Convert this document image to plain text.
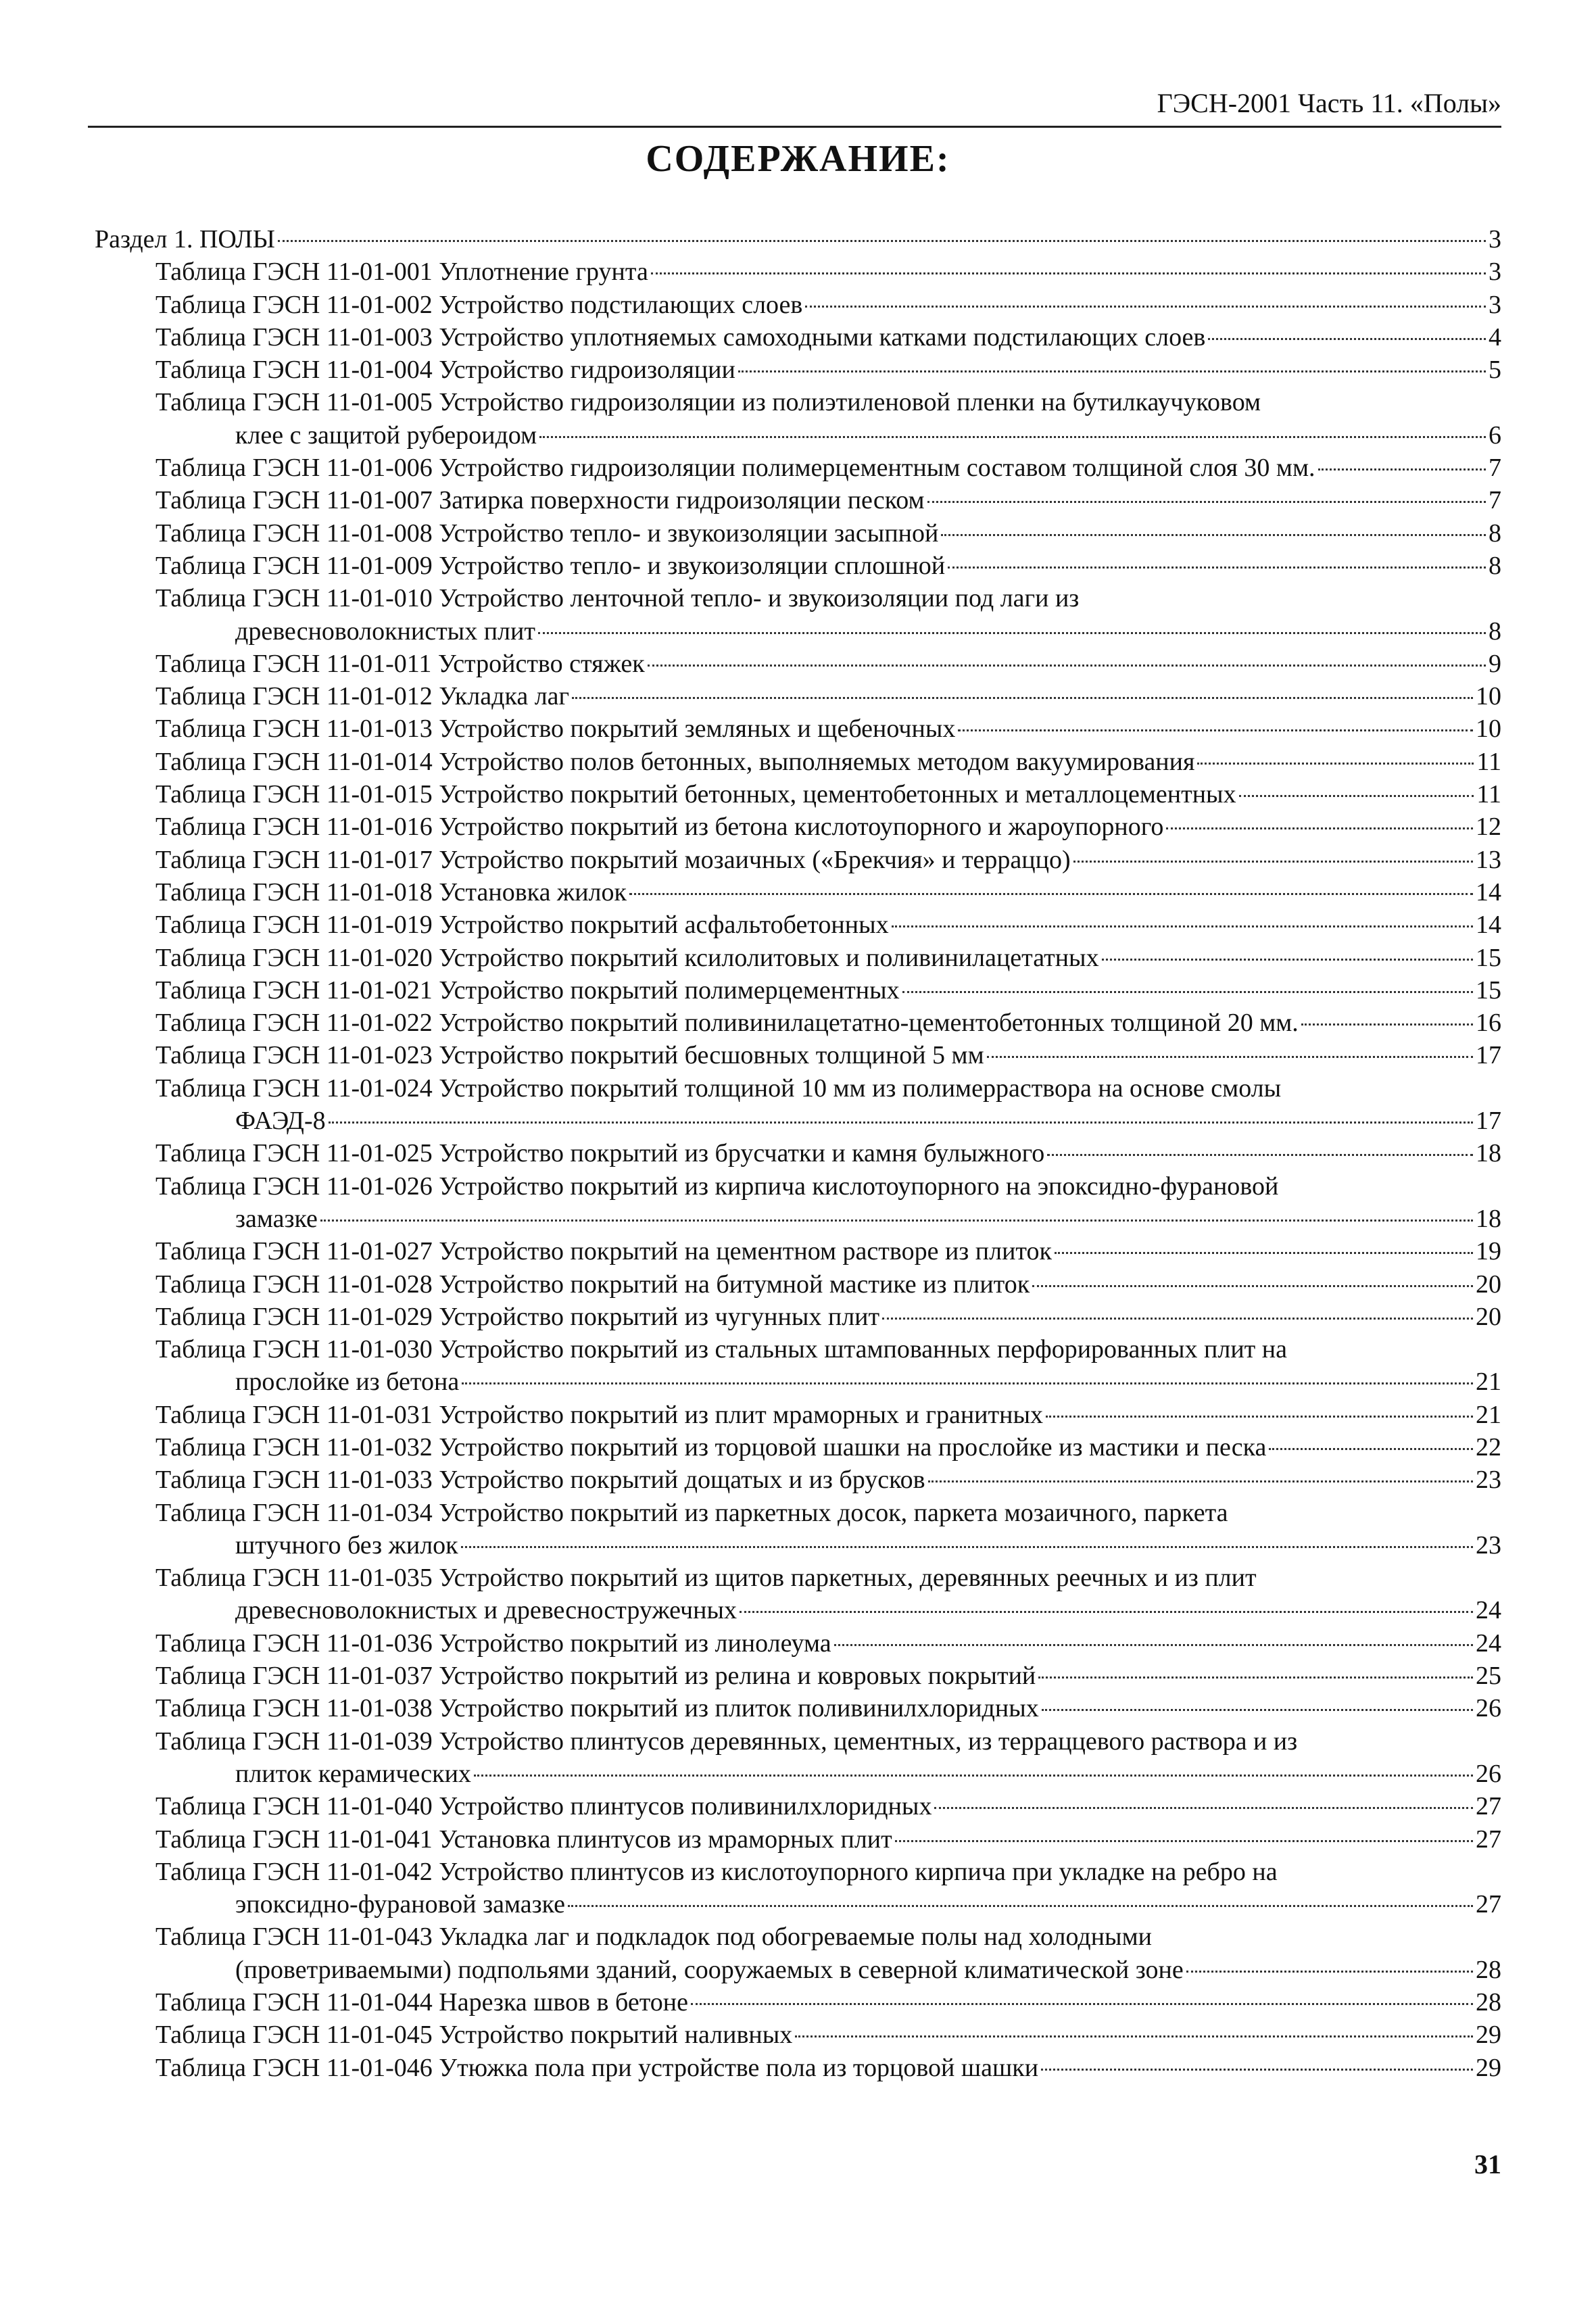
ГЭСН-2001 Часть 11. «Полы»
СОДЕРЖАНИЕ:
Раздел 1. ПОЛЫ	3
Таблица ГЭСН 11-01-001 Уплотнение грунта	3
Таблица ГЭСН 11-01-002 Устройство подстилающих слоев	3
Таблица ГЭСН 11-01-003 Устройство уплотняемых самоходными катками подстилающих слоев	4
Таблица ГЭСН 11-01-004 Устройство гидроизоляции	5
Таблица ГЭСН 11-01-005 Устройство гидроизоляции из полиэтиленовой пленки на бутилкаучуковом
клее с защитой рубероидом	6
Таблица ГЭСН 11-01-006 Устройство гидроизоляции полимерцементным составом толщиной слоя 30 мм.	7
Таблица ГЭСН 11-01-007 Затирка поверхности гидроизоляции песком	7
Таблица ГЭСН 11-01-008 Устройство тепло- и звукоизоляции засыпной	8
Таблица ГЭСН 11-01-009 Устройство тепло- и звукоизоляции сплошной	8
Таблица ГЭСН 11-01-010 Устройство ленточной тепло- и звукоизоляции под лаги из
древесноволокнистых плит	8
Таблица ГЭСН 11-01-011 Устройство стяжек	9
Таблица ГЭСН 11-01-012 Укладка лаг	10
Таблица ГЭСН 11-01-013 Устройство покрытий земляных и щебеночных	10
Таблица ГЭСН 11-01-014 Устройство полов бетонных, выполняемых методом вакуумирования	11
Таблица ГЭСН 11-01-015 Устройство покрытий бетонных, цементобетонных и металлоцементных	11
Таблица ГЭСН 11-01-016 Устройство покрытий из бетона кислотоупорного и жароупорного	12
Таблица ГЭСН 11-01-017 Устройство покрытий мозаичных («Брекчия» и терраццо)	13
Таблица ГЭСН 11-01-018 Установка жилок	14
Таблица ГЭСН 11-01-019 Устройство покрытий асфальтобетонных	14
Таблица ГЭСН 11-01-020 Устройство покрытий ксилолитовых и поливинилацетатных	15
Таблица ГЭСН 11-01-021 Устройство покрытий полимерцементных	15
Таблица ГЭСН 11-01-022 Устройство покрытий поливинилацетатно-цементобетонных толщиной 20 мм.	16
Таблица ГЭСН 11-01-023 Устройство покрытий бесшовных толщиной 5 мм	17
Таблица ГЭСН 11-01-024 Устройство покрытий толщиной 10 мм из полимерраствора на основе смолы
ФАЭД-8	17
Таблица ГЭСН 11-01-025 Устройство покрытий из брусчатки и камня булыжного	18
Таблица ГЭСН 11-01-026 Устройство покрытий из кирпича кислотоупорного на эпоксидно-фурановой
замазке	18
Таблица ГЭСН 11-01-027 Устройство покрытий на цементном растворе из плиток	19
Таблица ГЭСН 11-01-028 Устройство покрытий на битумной мастике из плиток	20
Таблица ГЭСН 11-01-029 Устройство покрытий из чугунных плит	20
Таблица ГЭСН 11-01-030 Устройство покрытий из стальных штампованных перфорированных плит на
прослойке из бетона	21
Таблица ГЭСН 11-01-031 Устройство покрытий из плит мраморных и гранитных	21
Таблица ГЭСН 11-01-032 Устройство покрытий из торцовой шашки на прослойке из мастики и песка	22
Таблица ГЭСН 11-01-033 Устройство покрытий дощатых и из брусков	23
Таблица ГЭСН 11-01-034 Устройство покрытий из паркетных досок, паркета мозаичного, паркета
штучного без жилок	23
Таблица ГЭСН 11-01-035 Устройство покрытий из щитов паркетных, деревянных реечных и из плит
древесноволокнистых и древесностружечных	24
Таблица ГЭСН 11-01-036 Устройство покрытий из линолеума	24
Таблица ГЭСН 11-01-037 Устройство покрытий из релина и ковровых покрытий	25
Таблица ГЭСН 11-01-038 Устройство покрытий из плиток поливинилхлоридных	26
Таблица ГЭСН 11-01-039 Устройство плинтусов деревянных, цементных, из терраццевого раствора и из
плиток керамических	26
Таблица ГЭСН 11-01-040 Устройство плинтусов поливинилхлоридных	27
Таблица ГЭСН 11-01-041 Установка плинтусов из мраморных плит	27
Таблица ГЭСН 11-01-042 Устройство плинтусов из кислотоупорного кирпича при укладке на ребро на
эпоксидно-фурановой замазке	27
Таблица ГЭСН 11-01-043 Укладка лаг и подкладок под обогреваемые полы над холодными
(проветриваемыми) подпольями зданий, сооружаемых в северной климатической зоне	28
Таблица ГЭСН 11-01-044 Нарезка швов в бетоне	28
Таблица ГЭСН 11-01-045 Устройство покрытий наливных	29
Таблица ГЭСН 11-01-046 Утюжка пола при устройстве пола из торцовой шашки	29
31
